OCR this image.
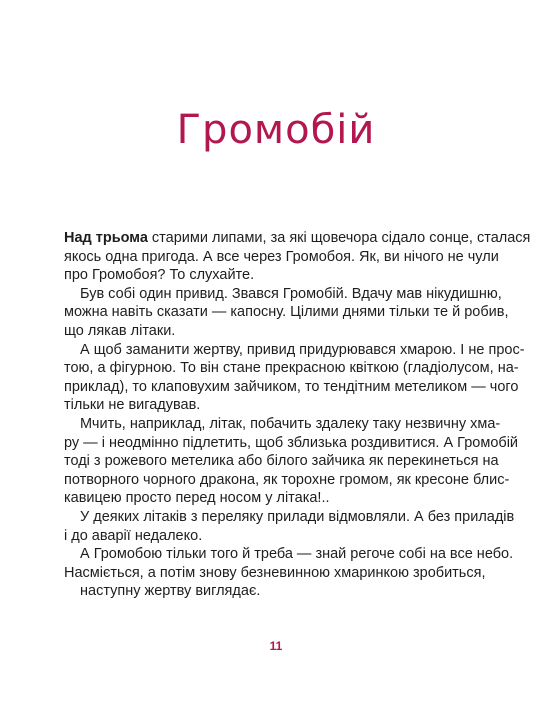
Громобій
Над трьома старими липами, за які щовечора сідало сонце, сталася
якось одна пригода. А все через Громобоя. Як, ви нічого не чули
про Громобоя? То слухайте.
Був собі один привид. Звався Громобій. Вдачу мав нікудишню,
можна навіть сказати — капосну. Цілими днями тільки те й робив,
що лякав літаки.
А щоб заманити жертву, привид придурювався хмарою. І не прос-
тою, а фігурною. То він стане прекрасною квіткою (гладіолусом, на-
приклад), то клаповухим зайчиком, то тендітним метеликом — чого
тільки не вигадував.
Мчить, наприклад, літак, побачить здалеку таку незвичну хма-
ру — і неодмінно підлетить, щоб зблизька роздивитися. А Громобій
тоді з рожевого метелика або білого зайчика як перекинеться на
потворного чорного дракона, як торохне громом, як кресоне блис-
кавицею просто перед носом у літака!..
У деяких літаків з переляку прилади відмовляли. А без приладів
і до аварії недалеко.
А Громобою тільки того й треба — знай регоче собі на все небо.
Насміється, а потім знову безневинною хмаринкою зробиться,
наступну жертву виглядає.
11
